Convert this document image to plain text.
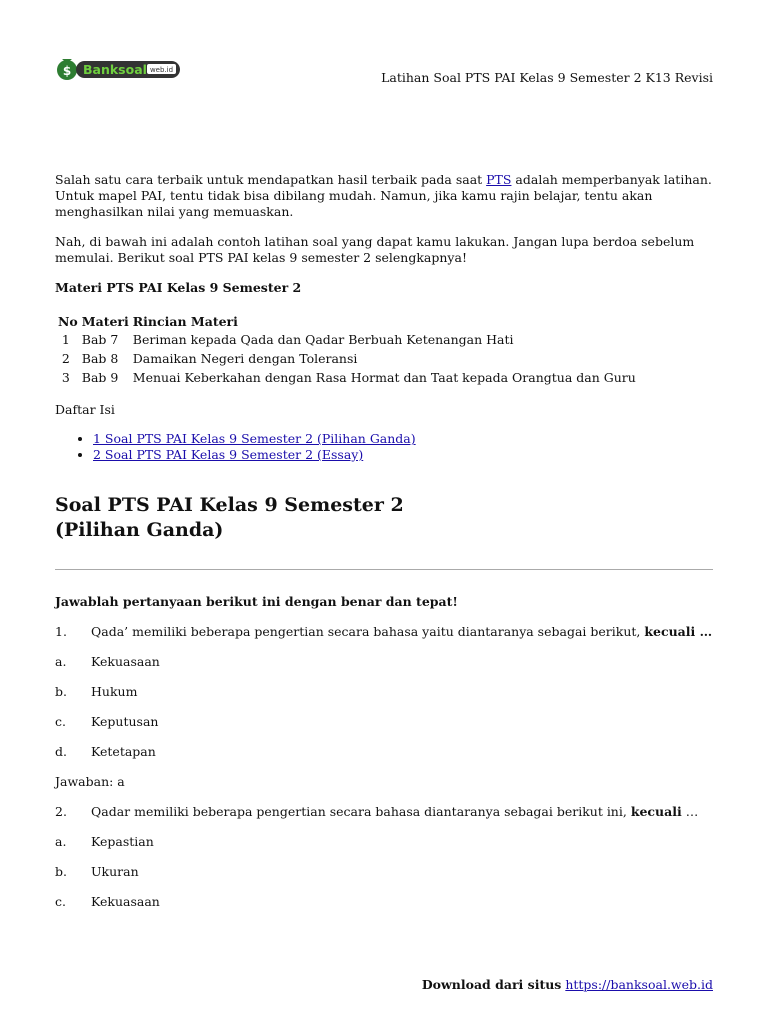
$ Banksoal web.id	Latihan Soal PTS PAI Kelas 9 Semester 2 K13 Revisi

Salah satu cara terbaik untuk mendapatkan hasil terbaik pada saat PTS adalah memperbanyak latihan. Untuk mapel PAI, tentu tidak bisa dibilang mudah. Namun, jika kamu rajin belajar, tentu akan menghasilkan nilai yang memuaskan.

Nah, di bawah ini adalah contoh latihan soal yang dapat kamu lakukan. Jangan lupa berdoa sebelum memulai. Berikut soal PTS PAI kelas 9 semester 2 selengkapnya!

Materi PTS PAI Kelas 9 Semester 2

No	Materi	Rincian Materi
1	Bab 7	Beriman kepada Qada dan Qadar Berbuah Ketenangan Hati
2	Bab 8	Damaikan Negeri dengan Toleransi
3	Bab 9	Menuai Keberkahan dengan Rasa Hormat dan Taat kepada Orangtua dan Guru

Daftar Isi

• 1 Soal PTS PAI Kelas 9 Semester 2 (Pilihan Ganda)
• 2 Soal PTS PAI Kelas 9 Semester 2 (Essay)
Soal PTS PAI Kelas 9 Semester 2
(Pilihan Ganda)

Jawablah pertanyaan berikut ini dengan benar dan tepat!

1.	Qada’ memiliki beberapa pengertian secara bahasa yaitu diantaranya sebagai berikut, kecuali …
a.	Kekuasaan
b.	Hukum
c.	Keputusan
d.	Ketetapan

Jawaban: a

2.	Qadar memiliki beberapa pengertian secara bahasa diantaranya sebagai berikut ini, kecuali …
a.	Kepastian
b.	Ukuran
c.	Kekuasaan
Download dari situs https://banksoal.web.id
